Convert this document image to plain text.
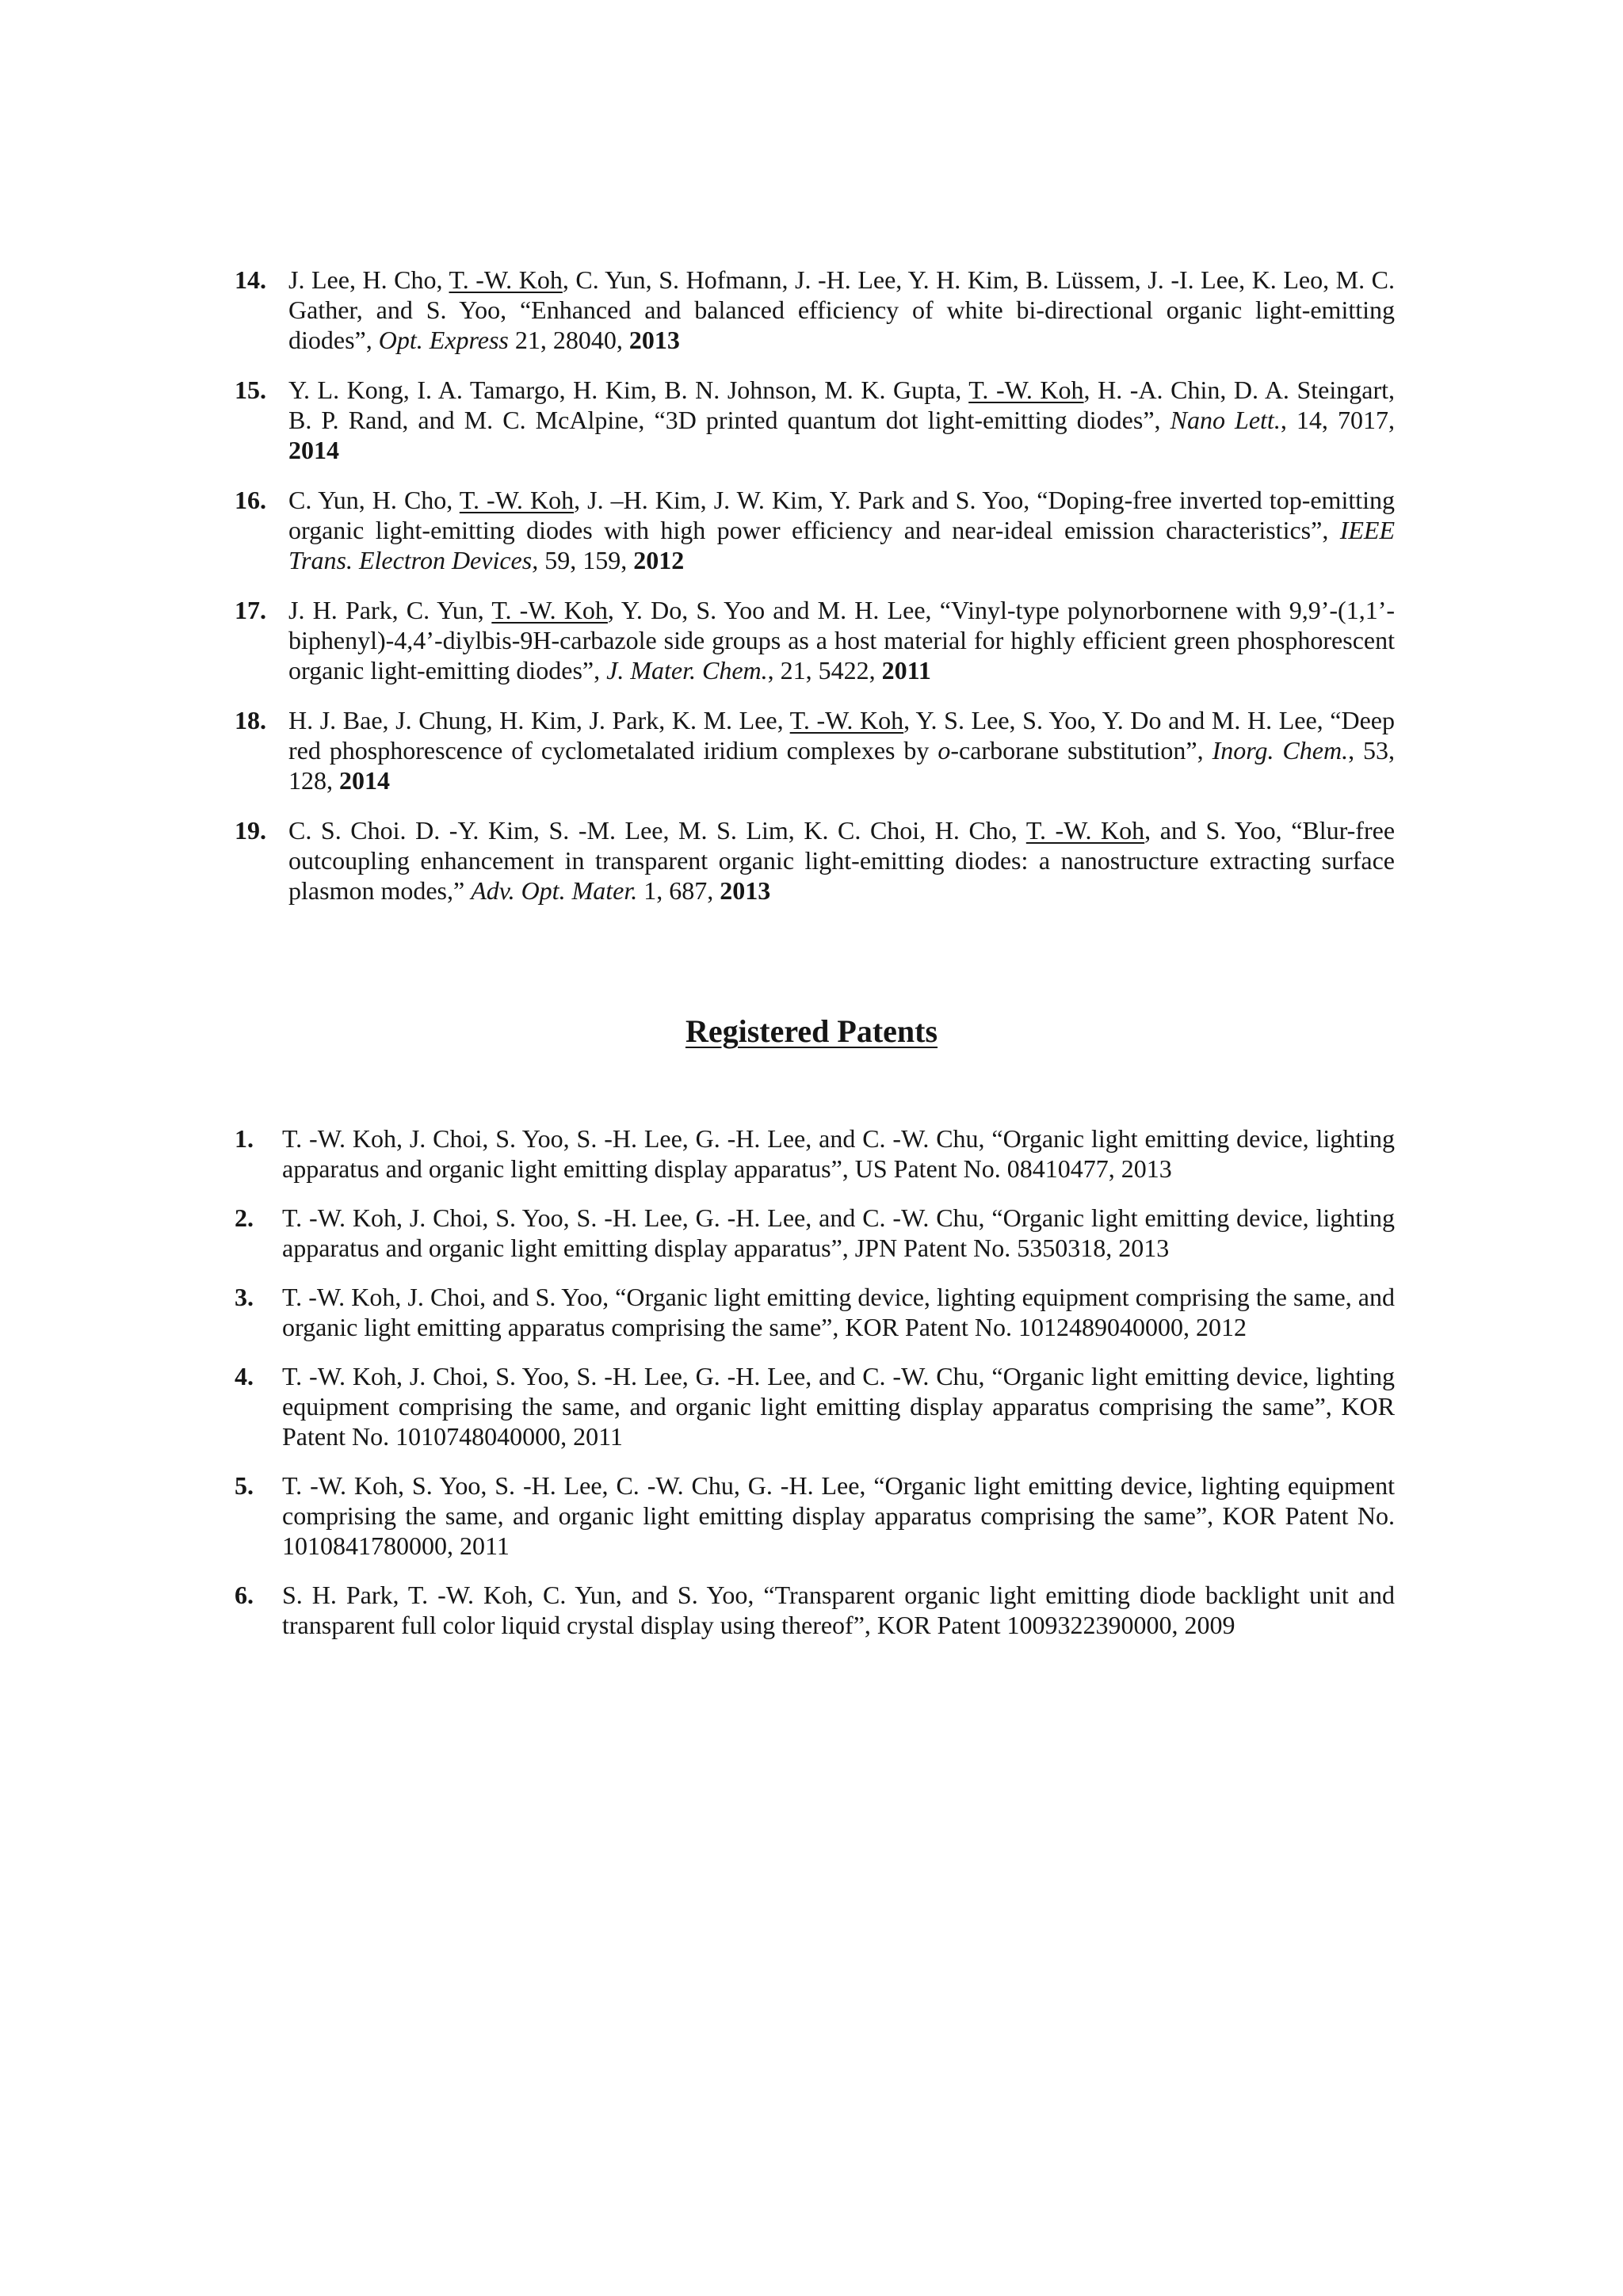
14. J. Lee, H. Cho, T. -W. Koh, C. Yun, S. Hofmann, J. -H. Lee, Y. H. Kim, B. Lüssem, J. -I. Lee, K. Leo, M. C. Gather, and S. Yoo, “Enhanced and balanced efficiency of white bi-directional organic light-emitting diodes”, Opt. Express 21, 28040, 2013
15. Y. L. Kong, I. A. Tamargo, H. Kim, B. N. Johnson, M. K. Gupta, T. -W. Koh, H. -A. Chin, D. A. Steingart, B. P. Rand, and M. C. McAlpine, “3D printed quantum dot light-emitting diodes”, Nano Lett., 14, 7017, 2014
16. C. Yun, H. Cho, T. -W. Koh, J. –H. Kim, J. W. Kim, Y. Park and S. Yoo, “Doping-free inverted top-emitting organic light-emitting diodes with high power efficiency and near-ideal emission characteristics”, IEEE Trans. Electron Devices, 59, 159, 2012
17. J. H. Park, C. Yun, T. -W. Koh, Y. Do, S. Yoo and M. H. Lee, “Vinyl-type polynorbornene with 9,9’-(1,1’-biphenyl)-4,4’-diylbis-9H-carbazole side groups as a host material for highly efficient green phosphorescent organic light-emitting diodes”, J. Mater. Chem., 21, 5422, 2011
18. H. J. Bae, J. Chung, H. Kim, J. Park, K. M. Lee, T. -W. Koh, Y. S. Lee, S. Yoo, Y. Do and M. H. Lee, “Deep red phosphorescence of cyclometalated iridium complexes by o-carborane substitution”, Inorg. Chem., 53, 128, 2014
19. C. S. Choi. D. -Y. Kim, S. -M. Lee, M. S. Lim, K. C. Choi, H. Cho, T. -W. Koh, and S. Yoo, “Blur-free outcoupling enhancement in transparent organic light-emitting diodes: a nanostructure extracting surface plasmon modes,” Adv. Opt. Mater. 1, 687, 2013
Registered Patents
1.	T. -W. Koh, J. Choi, S. Yoo, S. -H. Lee, G. -H. Lee, and C. -W. Chu, “Organic light emitting device, lighting apparatus and organic light emitting display apparatus”, US Patent No. 08410477, 2013
2.	T. -W. Koh, J. Choi, S. Yoo, S. -H. Lee, G. -H. Lee, and C. -W. Chu, “Organic light emitting device, lighting apparatus and organic light emitting display apparatus”, JPN Patent No. 5350318, 2013
3.	T. -W. Koh, J. Choi, and S. Yoo, “Organic light emitting device, lighting equipment comprising the same, and organic light emitting apparatus comprising the same”, KOR Patent No. 1012489040000, 2012
4.	T. -W. Koh, J. Choi, S. Yoo, S. -H. Lee, G. -H. Lee, and C. -W. Chu, “Organic light emitting device, lighting equipment comprising the same, and organic light emitting display apparatus comprising the same”, KOR Patent No. 1010748040000, 2011
5.	T. -W. Koh, S. Yoo, S. -H. Lee, C. -W. Chu, G. -H. Lee, “Organic light emitting device, lighting equipment comprising the same, and organic light emitting display apparatus comprising the same”, KOR Patent No. 1010841780000, 2011
6.	S. H. Park, T. -W. Koh, C. Yun, and S. Yoo, “Transparent organic light emitting diode backlight unit and transparent full color liquid crystal display using thereof”, KOR Patent 1009322390000, 2009
